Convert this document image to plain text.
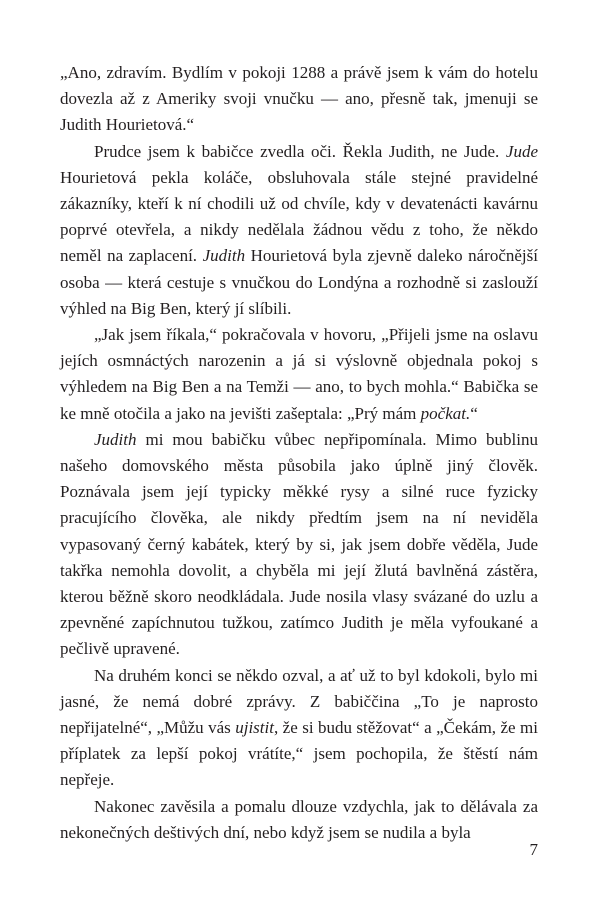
„Ano, zdravím. Bydlím v pokoji 1288 a právě jsem k vám do hotelu dovezla až z Ameriky svoji vnučku — ano, přesně tak, jmenuji se Judith Hourietová.“

Prudce jsem k babičce zvedla oči. Řekla Judith, ne Jude. Jude Hourietová pekla koláče, obsluhovala stále stejné pravidelné zákazníky, kteří k ní chodili už od chvíle, kdy v devatenácti kavárnu poprvé otevřela, a nikdy nedělala žádnou vědu z toho, že někdo neměl na zaplacení. Judith Hourietová byla zjevně daleko náročnější osoba — která cestuje s vnučkou do Londýna a rozhodně si zaslouží výhled na Big Ben, který jí slíbili.

„Jak jsem říkala,“ pokračovala v hovoru, „Přijeli jsme na oslavu jejích osmnáctých narozenin a já si výslovně objednala pokoj s výhledem na Big Ben a na Temži — ano, to bych mohla.“ Babička se ke mně otočila a jako na jevišti zašeptala: „Prý mám počkat.“

Judith mi mou babičku vůbec nepřipomínala. Mimo bublinu našeho domovského města působila jako úplně jiný člověk. Poznávala jsem její typicky měkké rysy a silné ruce fyzicky pracujícího člověka, ale nikdy předtím jsem na ní neviděla vypasovaný černý kabátek, který by si, jak jsem dobře věděla, Jude takřka nemohla dovolit, a chyběla mi její žlutá bavlněná zástěra, kterou běžně skoro neodkládala. Jude nosila vlasy svázané do uzlu a zpevněné zapíchnutou tužkou, zatímco Judith je měla vyfoukané a pečlivě upravené.

Na druhém konci se někdo ozval, a ať už to byl kdokoli, bylo mi jasné, že nemá dobré zprávy. Z babiččina „To je naprosto nepřijatelné“, „Můžu vás ujistit, že si budu stěžovat“ a „Čekám, že mi příplatek za lepší pokoj vrátíte,“ jsem pochopila, že štěstí nám nepřeje.

Nakonec zavěsila a pomalu dlouze vzdychla, jak to dělávala za nekonečných deštivých dní, nebo když jsem se nudila a byla

7
